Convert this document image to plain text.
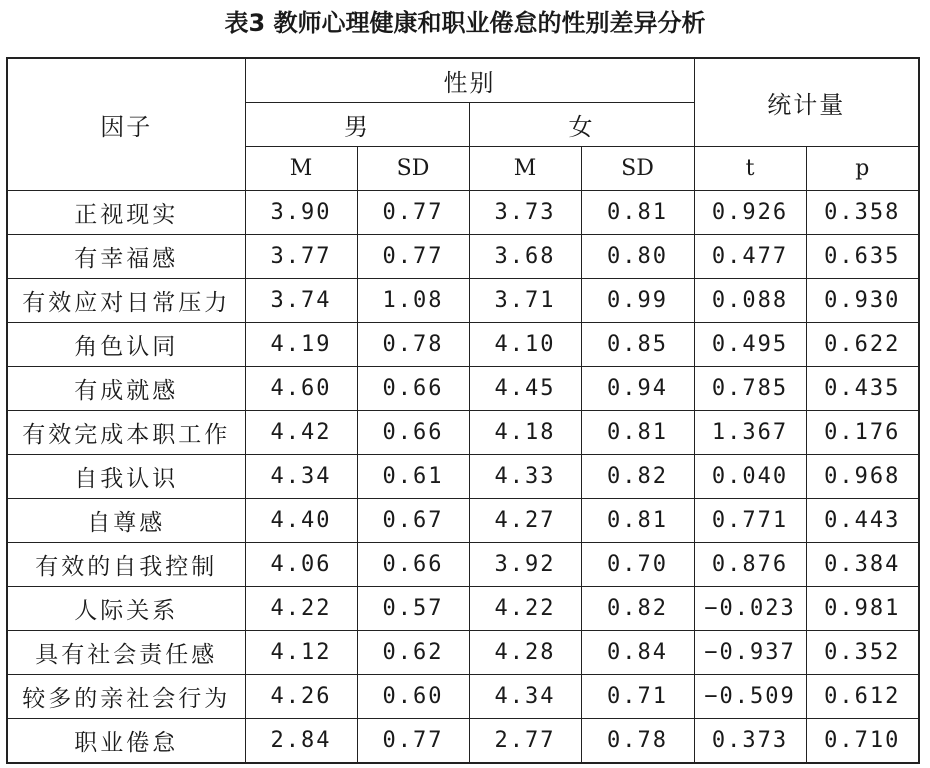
表3 教师心理健康和职业倦怠的性别差异分析
因子	性别				统计量	
	男		女			
	M	SD	M	SD	t	p
正视现实	3.90	0.77	3.73	0.81	0.926	0.358
有幸福感	3.77	0.77	3.68	0.80	0.477	0.635
有效应对日常压力	3.74	1.08	3.71	0.99	0.088	0.930
角色认同	4.19	0.78	4.10	0.85	0.495	0.622
有成就感	4.60	0.66	4.45	0.94	0.785	0.435
有效完成本职工作	4.42	0.66	4.18	0.81	1.367	0.176
自我认识	4.34	0.61	4.33	0.82	0.040	0.968
自尊感	4.40	0.67	4.27	0.81	0.771	0.443
有效的自我控制	4.06	0.66	3.92	0.70	0.876	0.384
人际关系	4.22	0.57	4.22	0.82	−0.023	0.981
具有社会责任感	4.12	0.62	4.28	0.84	−0.937	0.352
较多的亲社会行为	4.26	0.60	4.34	0.71	−0.509	0.612
职业倦怠	2.84	0.77	2.77	0.78	0.373	0.710
